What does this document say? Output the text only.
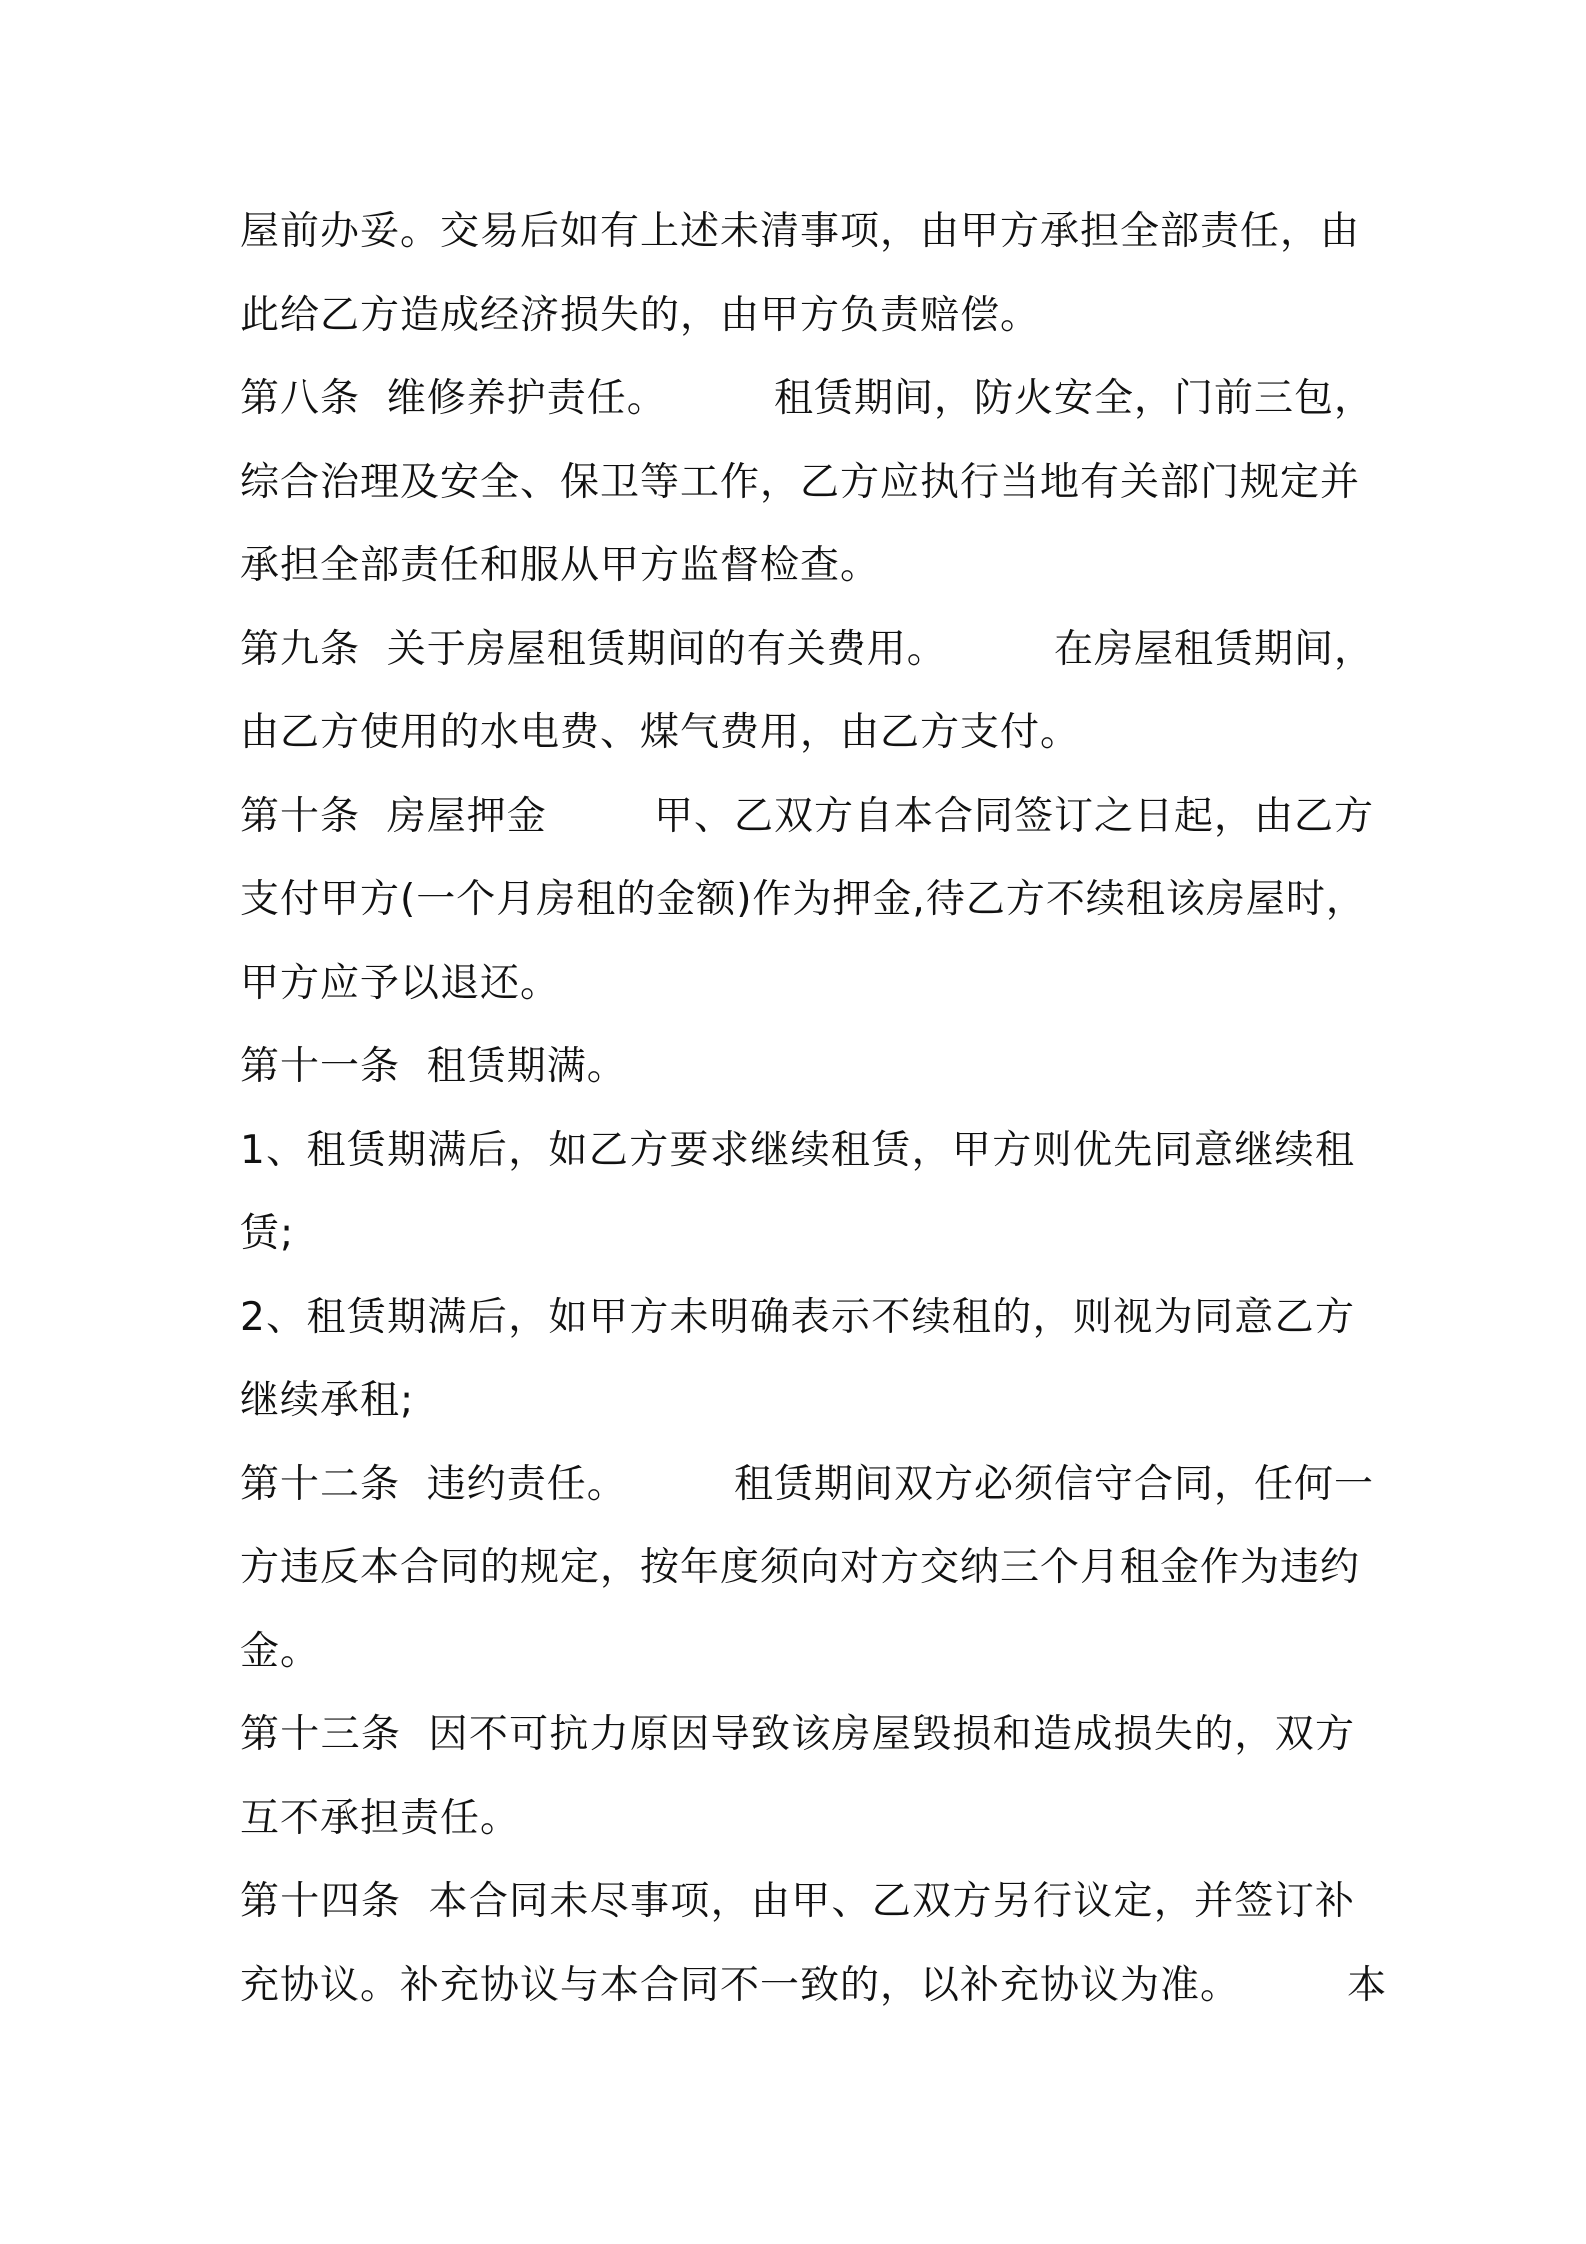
屋前办妥。交易后如有上述未清事项，由甲方承担全部责任，由
此给乙方造成经济损失的，由甲方负责赔偿。
第八条  维修养护责任。        租赁期间，防火安全，门前三包，
综合治理及安全、保卫等工作，乙方应执行当地有关部门规定并
承担全部责任和服从甲方监督检查。
第九条  关于房屋租赁期间的有关费用。        在房屋租赁期间，
由乙方使用的水电费、煤气费用，由乙方支付。
第十条  房屋押金        甲、乙双方自本合同签订之日起，由乙方
支付甲方(一个月房租的金额)作为押金,待乙方不续租该房屋时，
甲方应予以退还。
第十一条  租赁期满。
1、租赁期满后，如乙方要求继续租赁，甲方则优先同意继续租
赁;
2、租赁期满后，如甲方未明确表示不续租的，则视为同意乙方
继续承租;
第十二条  违约责任。        租赁期间双方必须信守合同，任何一
方违反本合同的规定，按年度须向对方交纳三个月租金作为违约
金。
第十三条  因不可抗力原因导致该房屋毁损和造成损失的，双方
互不承担责任。
第十四条  本合同未尽事项，由甲、乙双方另行议定，并签订补
充协议。补充协议与本合同不一致的，以补充协议为准。        本
